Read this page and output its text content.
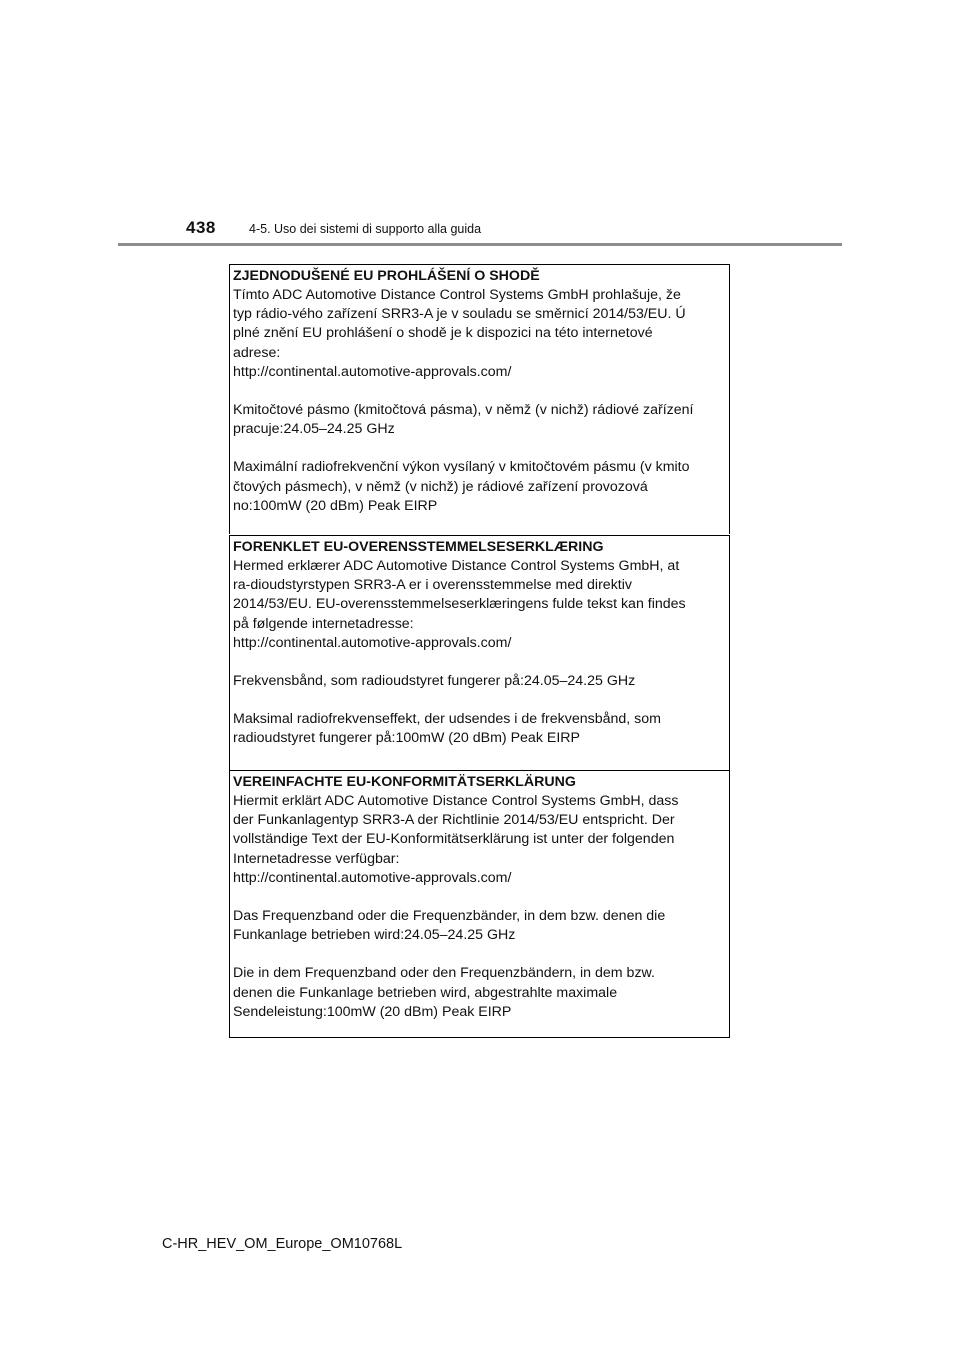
438	4-5. Uso dei sistemi di supporto alla guida

ZJEDNODUŠENÉ EU PROHLÁŠENÍ O SHODĚ

Tímto ADC Automotive Distance Control Systems GmbH prohlašuje, že

typ rádio-vého zařízení SRR3-A je v souladu se směrnicí 2014/53/EU. Ú

plné znění EU prohlášení o shodě je k dispozici na této internetové

adrese:

http://continental.automotive-approvals.com/

Kmitočtové pásmo (kmitočtová pásma), v němž (v nichž) rádiové zařízení

pracuje:24.05–24.25 GHz

Maximální radiofrekvenční výkon vysílaný v kmitočtovém pásmu (v kmito

čtových pásmech), v němž (v nichž) je rádiové zařízení provozová

no:100mW (20 dBm) Peak EIRP

FORENKLET EU-OVERENSSTEMMELSESERKLÆRING

Hermed erklærer ADC Automotive Distance Control Systems GmbH, at

ra-dioudstyrstypen SRR3-A er i overensstemmelse med direktiv

2014/53/EU. EU-overensstemmelseserklæringens fulde tekst kan findes

på følgende internetadresse:

http://continental.automotive-approvals.com/

Frekvensbånd, som radioudstyret fungerer på:24.05–24.25 GHz

Maksimal radiofrekvenseffekt, der udsendes i de frekvensbånd, som

radioudstyret fungerer på:100mW (20 dBm) Peak EIRP

VEREINFACHTE EU-KONFORMITÄTSERKLÄRUNG

Hiermit erklärt ADC Automotive Distance Control Systems GmbH, dass

der Funkanlagentyp SRR3-A der Richtlinie 2014/53/EU entspricht. Der

vollständige Text der EU-Konformitätserklärung ist unter der folgenden

Internetadresse verfügbar:

http://continental.automotive-approvals.com/

Das Frequenzband oder die Frequenzbänder, in dem bzw. denen die

Funkanlage betrieben wird:24.05–24.25 GHz

Die in dem Frequenzband oder den Frequenzbändern, in dem bzw.

denen die Funkanlage betrieben wird, abgestrahlte maximale

Sendeleistung:100mW (20 dBm) Peak EIRP

C-HR_HEV_OM_Europe_OM10768L
